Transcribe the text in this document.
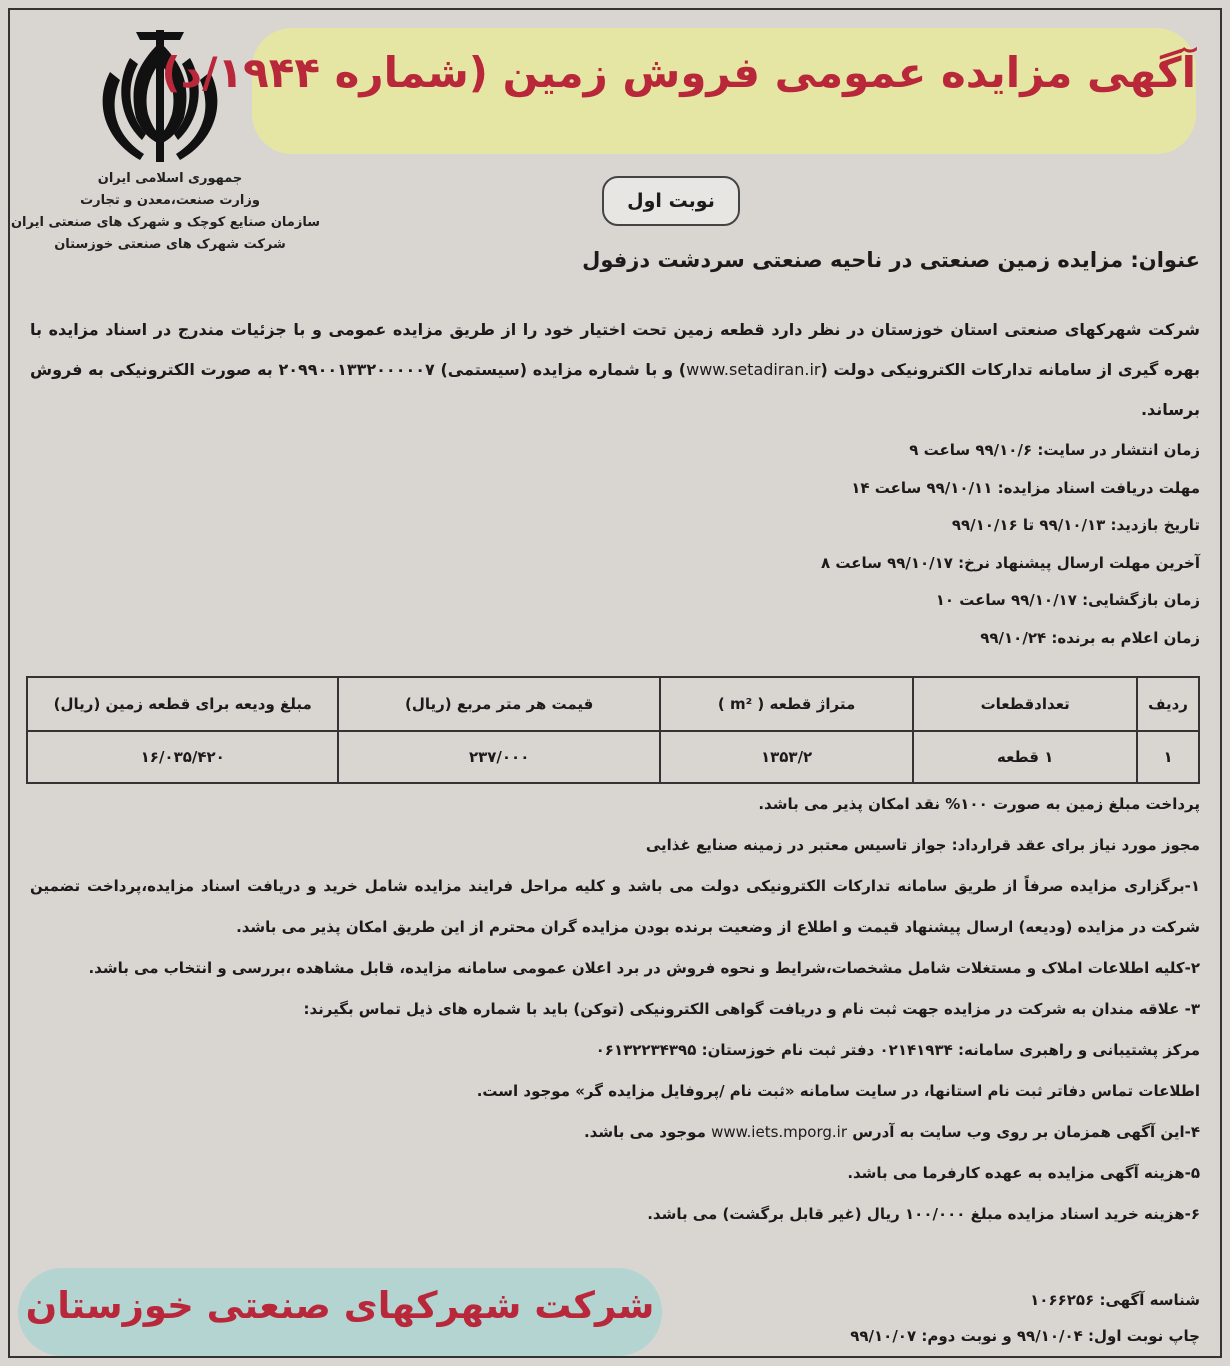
جمهوری اسلامی ایران
وزارت صنعت،معدن و تجارت
سازمان صنایع کوچک و شهرک های صنعتی ایران
شرکت شهرک های صنعتی خوزستان
آگهی مزایده عمومی فروش زمین (شماره ۱۹۴۴/د)
نوبت اول
عنوان: مزایده زمین صنعتی در ناحیه صنعتی سردشت دزفول
شرکت شهرکهای صنعتی استان خوزستان در نظر دارد قطعه زمین تحت اختیار خود را از طریق مزایده عمومی و با جزئیات مندرج در اسناد مزایده با بهره گیری از سامانه تدارکات الکترونیکی دولت (www.setadiran.ir) و با شماره مزایده (سیستمی) ۲۰۹۹۰۰۱۳۳۲۰۰۰۰۰۷ به صورت الکترونیکی به فروش برساند.
زمان انتشار در سایت: ۹۹/۱۰/۶ ساعت ۹
مهلت دریافت اسناد مزایده: ۹۹/۱۰/۱۱ ساعت ۱۴
تاریخ بازدید: ۹۹/۱۰/۱۳ تا ۹۹/۱۰/۱۶
آخرین مهلت ارسال پیشنهاد نرخ: ۹۹/۱۰/۱۷ ساعت ۸
زمان بازگشایی: ۹۹/۱۰/۱۷ ساعت ۱۰
زمان اعلام به برنده: ۹۹/۱۰/۲۴
ردیف	تعدادقطعات	متراژ قطعه ( m² )	قیمت هر متر مربع (ریال)	مبلغ ودیعه برای قطعه زمین (ریال)
۱	۱ قطعه	۱۳۵۳/۲	۲۳۷/۰۰۰	۱۶/۰۳۵/۴۲۰

پرداخت مبلغ زمین به صورت ۱۰۰% نقد امکان پذیر می باشد.

مجوز مورد نیاز برای عقد قرارداد: جواز تاسیس معتبر در زمینه صنایع غذایی

۱-برگزاری مزایده صرفاً از طریق سامانه تدارکات الکترونیکی دولت می باشد و کلیه مراحل فرایند مزایده شامل خرید و دریافت اسناد مزایده،پرداخت تضمین شرکت در مزایده (ودیعه) ارسال پیشنهاد قیمت و اطلاع از وضعیت برنده بودن مزایده گران محترم از این طریق امکان پذیر می باشد.

۲-کلیه اطلاعات املاک و مستغلات شامل مشخصات،شرایط و نحوه فروش در برد اعلان عمومی سامانه مزایده، قابل مشاهده ،بررسی و انتخاب می باشد.

۳- علاقه مندان به شرکت در مزایده جهت ثبت نام و دریافت گواهی الکترونیکی (توکن) باید با شماره های ذیل تماس بگیرند:

مرکز پشتیبانی و راهبری سامانه: ۰۲۱۴۱۹۳۴ دفتر ثبت نام خوزستان: ۰۶۱۳۲۲۳۴۳۹۵

اطلاعات تماس دفاتر ثبت نام استانها، در سایت سامانه «ثبت نام /پروفایل مزایده گر» موجود است.

۴-این آگهی همزمان بر روی وب سایت به آدرس www.iets.mporg.ir موجود می باشد.

۵-هزینه آگهی مزایده به عهده کارفرما می باشد.

۶-هزینه خرید اسناد مزایده مبلغ ۱۰۰/۰۰۰ ریال (غیر قابل برگشت) می باشد.

شرکت شهرکهای صنعتی خوزستان	شناسه آگهی: ۱۰۶۶۲۵۶
چاپ نوبت اول: ۹۹/۱۰/۰۴ و نوبت دوم: ۹۹/۱۰/۰۷
